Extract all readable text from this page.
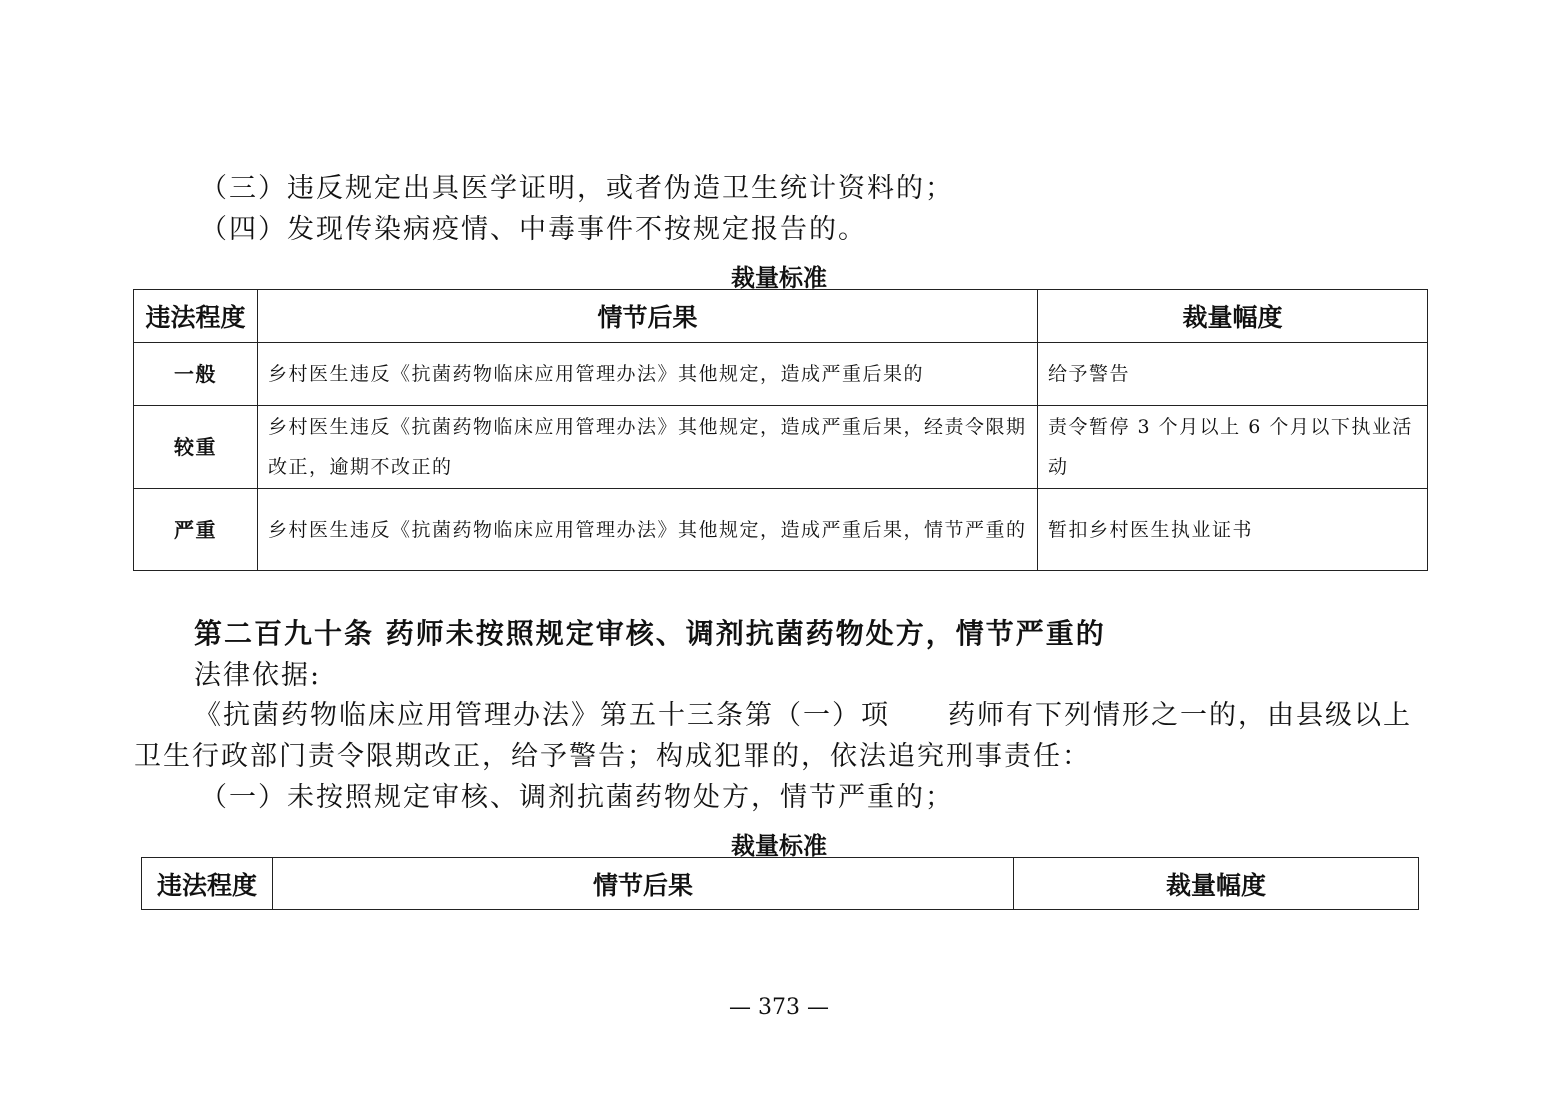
（三）违反规定出具医学证明，或者伪造卫生统计资料的；
（四）发现传染病疫情、中毒事件不按规定报告的。
裁量标准
违法程度	情节后果	裁量幅度
一般	乡村医生违反《抗菌药物临床应用管理办法》其他规定，造成严重后果的	给予警告
较重	乡村医生违反《抗菌药物临床应用管理办法》其他规定，造成严重后果，经责令限期改正，逾期不改正的	责令暂停 3 个月以上 6 个月以下执业活动
严重	乡村医生违反《抗菌药物临床应用管理办法》其他规定，造成严重后果，情节严重的	暂扣乡村医生执业证书
第二百九十条 药师未按照规定审核、调剂抗菌药物处方，情节严重的
法律依据:
《抗菌药物临床应用管理办法》第五十三条第（一）项　　药师有下列情形之一的，由县级以上
卫生行政部门责令限期改正，给予警告；构成犯罪的，依法追究刑事责任：
（一）未按照规定审核、调剂抗菌药物处方，情节严重的；
裁量标准
违法程度	情节后果	裁量幅度
— 373 —
